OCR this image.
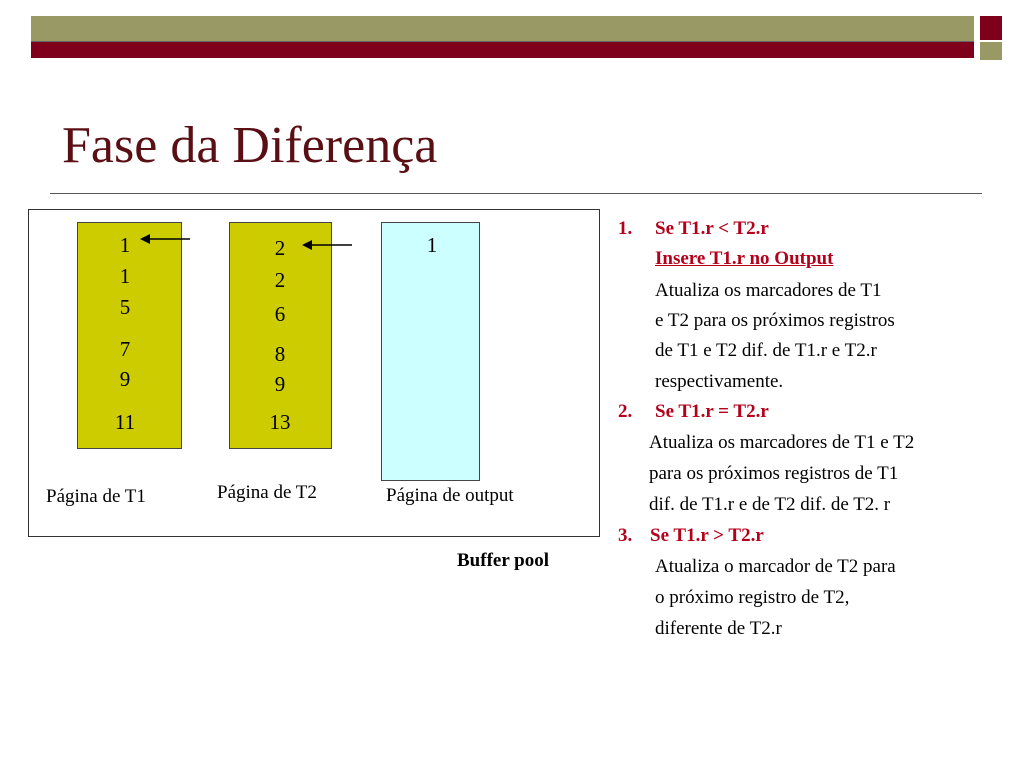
Fase da Diferença
1
1
5
7
9
11
2
2
6
8
9
13
1
Página de T1	Página de T2	Página de output
Buffer pool
1. Se T1.r < T2.r
Insere T1.r no Output
Atualiza os marcadores de T1
e T2 para os próximos registros
de T1 e T2 dif. de T1.r e T2.r
respectivamente.
2. Se T1.r = T2.r
Atualiza os marcadores de T1 e T2
para os próximos registros de T1
dif. de T1.r e de T2 dif. de T2. r
3. Se T1.r > T2.r
Atualiza o marcador de T2 para
o próximo registro de T2,
diferente de T2.r
